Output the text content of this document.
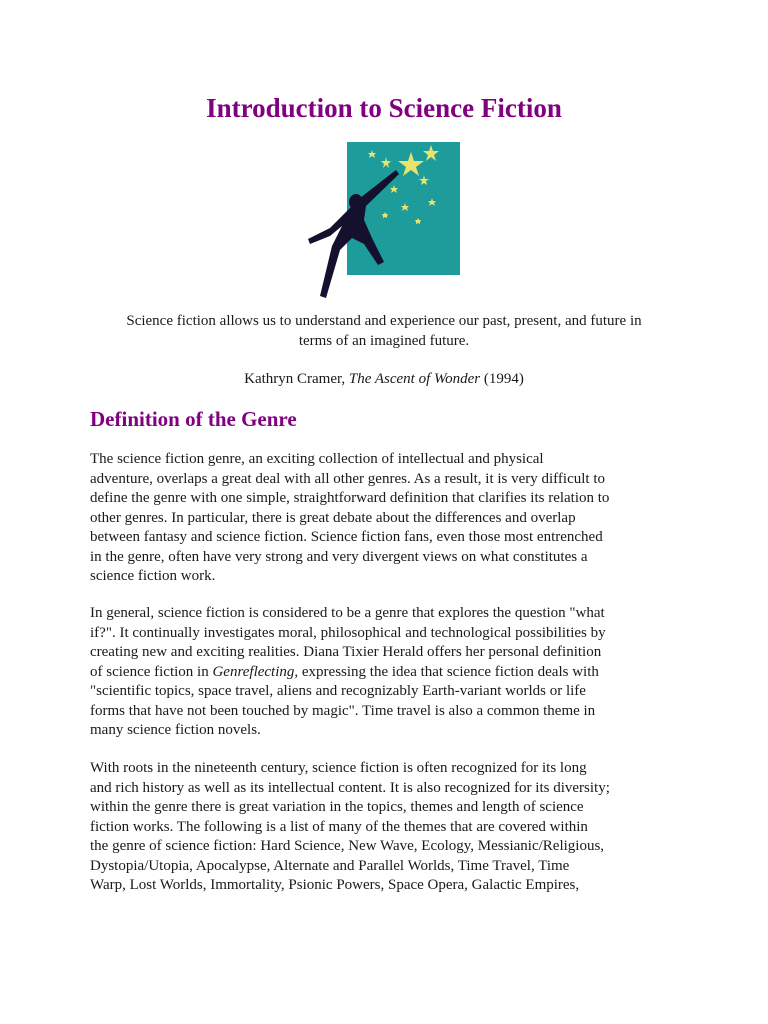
Introduction to Science Fiction

Science fiction allows us to understand and experience our past, present, and future in
terms of an imagined future.

Kathryn Cramer, The Ascent of Wonder (1994)

Definition of the Genre

The science fiction genre, an exciting collection of intellectual and physical
adventure, overlaps a great deal with all other genres. As a result, it is very difficult to
define the genre with one simple, straightforward definition that clarifies its relation to
other genres. In particular, there is great debate about the differences and overlap
between fantasy and science fiction. Science fiction fans, even those most entrenched
in the genre, often have very strong and very divergent views on what constitutes a
science fiction work.

In general, science fiction is considered to be a genre that explores the question "what
if?". It continually investigates moral, philosophical and technological possibilities by
creating new and exciting realities. Diana Tixier Herald offers her personal definition
of science fiction in Genreflecting, expressing the idea that science fiction deals with
"scientific topics, space travel, aliens and recognizably Earth-variant worlds or life
forms that have not been touched by magic". Time travel is also a common theme in
many science fiction novels.

With roots in the nineteenth century, science fiction is often recognized for its long
and rich history as well as its intellectual content. It is also recognized for its diversity;
within the genre there is great variation in the topics, themes and length of science
fiction works. The following is a list of many of the themes that are covered within
the genre of science fiction: Hard Science, New Wave, Ecology, Messianic/Religious,
Dystopia/Utopia, Apocalypse, Alternate and Parallel Worlds, Time Travel, Time
Warp, Lost Worlds, Immortality, Psionic Powers, Space Opera, Galactic Empires,
